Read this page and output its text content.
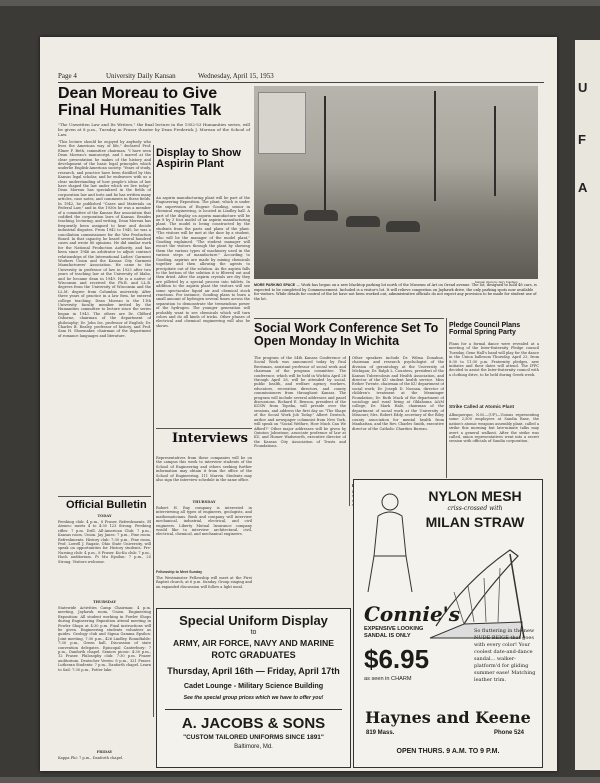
U
F
A
Page 4	University Daily Kansan	Wednesday, April 15, 1953
Dean Moreau to Give Final Humanities Talk
"The Unwritten Law and Its Writers," the final lecture in the 1952-53 Humanities series, will be given at 8 p.m., Tuesday in Fraser theater by Dean Frederick J. Moreau of the School of Law.
"This lecture should be enjoyed by anybody who lives the American way of life," declared Prof. Elmer F. Beth, committee chairman. "I have seen Dean Moreau's manuscript, and I marvel at the clear presentation he makes of the history and development of the basic legal principles which underlie English-American society. "Years of study, research, and practice have been distilled by this Kansas legal scholar, and he endeavors with us a clear understanding of how people's ideas of law have shaped the law under which we live today." Dean Moreau has specialized in the fields of corporation law and torts and he has written many articles, case notes, and comments in these fields. In 1942, he published "Cases and Materials on Federal Law," and in the 1930s he was a member of a committee of the Kansas Bar association that codified the corporation laws of Kansas. Besides teaching, lecturing, and writing, Dean Moreau has frequently been assigned to hear and decide industrial disputes. From 1942 to 1945, he was a conciliation commissioner for the War Production Board. In that capacity, he heard several hundred cases and wrote 80 opinions. He did similar work for the National Production Authority, and has been since 1946 an arbitrator to adjust contract relationships of the International Ladies' Garment Workers Union and the Kansas City Garment Manufacturers' Association. He came to the University in professor of law in 1923 after two years of teaching law at the University of Idaho, and he became dean in 1949. He is a native of Wisconsin and received the Ph.B. and LL.B. degrees from the University of Wisconsin and the LL.M. degree from Columbia university. After three years of practice in a law firm, he entered college teaching. Dean Moreau is the 11th University faculty member invited by the Humanities committee to lecture since the series began in 1943. The others are Dr. Clifford Osborne, chairman of the department of philosophy; Dr. John Ise, professor of English; Dr. Charles B. Realey, professor of history, and Prof. Sam H. Shoemaker, chairman of the department of romance languages and literature.
Display to Show Aspirin Plant
An aspirin manufacturing plant will be part of the Engineering Exposition. The plant, which is under the supervision of Eugene Gooding, senior in chemical engineering, is located in Lindley hall. A part of the display on aspirin manufacture will be an 8 by 3 foot model of an aspirin manufacturing plant. The model is being constructed by the students from the parts and plans of the plant. "The visitors will be met at the door by a student, who will be the manager of the model plant," Gooding explained. "The student manager will escort the visitors through the plant by showing them the various types of machinery used in the various steps of manufacture." According to Gooding, aspirins are made by mixing chemicals together and then allowing the agents to precipitate out of the solution. As the aspirin falls to the bottom of the solution it is filtered out and then dried. After the aspirin crystals are dry they are pilleted by a special process into tablets. In addition to the aspirin plant the visitors will see some spectacular liquid air and chemical stock reactions. For instance, Gooding plans to burn a small amount of hydrogen several times across the separation to demonstrate the tremendous power of the hydrogen. The younger generation will probably want to see chemicals which will turn colors and do all kinds of tricks. Other phases of electrical and chemical engineering will also be shown.
Interviews
Representatives from these companies will be on the campus this week to interview students of the School of Engineering and others seeking further information may obtain it from the office of the School of Engineering, 111 Marvin. Students may also sign the interview schedule in the same office.
THURSDAY
Robert H. Ray company is interested in interviewing all types of engineers, geologists, and mathematicians. Bush and company will interview mechanical, industrial, electrical, and civil engineers. Liberty Mutual Insurance company would like to interview architectural, civil, electrical, chemical, and mechanical engineers.
Fellowship to Meet Sunday
The Westminster Fellowship will meet at the First Baptist church, at 6 p.m. Sunday. Group singing and an expanded discussion will follow a light meal.
Official Bulletin
TODAY
Pershing club: 4 p.m., 8 Fraser. Refreshments. El Ateneo: meets 4 to 4:30 123 Strong. Pershing rifles: 7 p.m. Drill. All-American Club: 7 p.m., Kansas room, Union. Jay Janes: 7 p.m., Pine room. Refreshments. History club: 7:30 p.m., Pine room. Prof. Lowell J. Ragatz, Ohio State University, will speak on opportunities for History students. Pre-Nursing club: 4 p.m., 8 Fraser. Ku-Ku club: 7 p.m., Hoch auditorium. Pi Mu Epsilon: 7 p.m., 25 Strong. Visitors welcome.
THURSDAY
Statewide Activities Camp Chairman: 4 p.m. meeting, Jayhawk room, Union. Engineering Exposition: All student working in Fowler Shops during Engineering Exposition attend meeting in Fowler Shops at 4:30 p.m. Final instructions will be given. Engineering students volunteer as guides. Geology club and Sigma Gamma Epsilon: Joint meeting, 7:30 p.m., 426 Lindley. Roundtable: 7:30 p.m., Green hall. Discussion of state convention delegates. Episcopal Canterbury: 7 p.m., Danforth chapel. Seniors picnic: 4:30 p.m., 12 Fraser. Philosophy club: 7:30 p.m. Frazer auditorium. Deutscher Verein: 8 p.m., 321 Fraser. Lutheran Students: 7 p.m., Danforth chapel. Learn to Sail: 7:30 p.m., Potter lake.
FRIDAY
Kappa Phi: 7 p.m., Danforth chapel.
Kansan photo by Jerry Knudsen
MORE PARKING SPACE — Work has begun on a new blacktop parking lot north of the Museum of Art on Oread avenue. The lot, designed to hold 48 cars, is expected to be completed by Commencement. Included is a visitor's lot. It will relieve congestion on Jayhawk drive, the only parking spots now available for visitors. While details for control of the lot have not been worked out, administrative officials do not expect any provision to be made for student use of the lot.
Social Work Conference Set To Open Monday In Wichita
The program of the 54th Kansas Conference of Social Work was announced today by Paul Brotsman, assistant professor of social work and chairman of the program committee. The conference, which will be held in Wichita April 26 through April 28, will be attended by social, public health, and welfare agency workers, educators, recreation directors, and county commissioners from throughout Kansas. The program will include several addresses and panel discussions. Richard E. Benson, president of the KCSW from Topeka, will preside over the sessions, and address the first day on "The Shape of the Social Work Job Today." Albert Deutsch, author and newspaper columnist from New York, will speak on "Social Welfare, How Much Can We Afford?" Other major addresses will be given by Quinton Johnstone, associate professor of law at KU, and Homer Wadsworth, executive director of the Kansas City Association of Trusts and Foundations.
Other speakers include Dr. Wilma Donahue, chairman and research psychologist of the division of gerontology at the University of Michigan; Dr. Ralph L. Countess, president of the Kansas Tuberculosis and Health Association, and director of the KU student health service. Miss Esther Twente, chairman of the KU department of social work; Dr. Joseph D. Noonan, director of children's treatment at the Menninger Foundation; Dr. Ruth Mack of the department of sociology and rural living at Oklahoma A&M college; Dr. Mark Hale, chairman of the department of social work at the University of Missouri; Mrs. Robert Eddy, secretary of the Riley county association for mental health from Manhattan, and the Rev. Charles Smith, executive director of the Catholic Charities Bureau.
Pledge Council Plans Formal Spring Party
Plans for a formal dance were revealed at a meeting of the Inter-fraternity Pledge council Tuesday. Gene Hall's band will play for the dance in the Union ballroom Thursday, April 23, from 8:30 to 11:30 p.m. Fraternity pledges, new initiates and their dates will attend. The IFPC decided to assist the Inter-fraternity council with a clothing drive, to be held during Greek week.
Strike Called at Atomic Plant
Albuquerque, N.M.—(UP)—Unions representing some 2,500 employees at Sandia Base, the nation's atomic weapons assembly plant, called a strike this morning but late-minute talks may avert a general walkout. After the strike was called, union representatives went into a secret session with officials of Sandia corporation.
Special Uniform Display
to
ARMY, AIR FORCE, NAVY AND MARINE
ROTC GRADUATES
Thursday, April 16th — Friday, April 17th
Cadet Lounge - Military Science Building
See the special group prices which we have to offer you!
A. JACOBS & SONS
"CUSTOM TAILORED UNIFORMS SINCE 1891"
Baltimore, Md.
NYLON MESH
criss-crossed with
MILAN STRAW
Connie's
EXPENSIVE LOOKING
SANDAL IS ONLY
$6.95
as seen in CHARM
So fluttering in the new NUDE BEIGE that goes with every color! Your coolest date-and-dance sandal... walker-platform'd for gliding summer ease! Matching leather trim.
Haynes and Keene
819 Mass.	Phone 524
OPEN THURS. 9 A.M. TO 9 P.M.
